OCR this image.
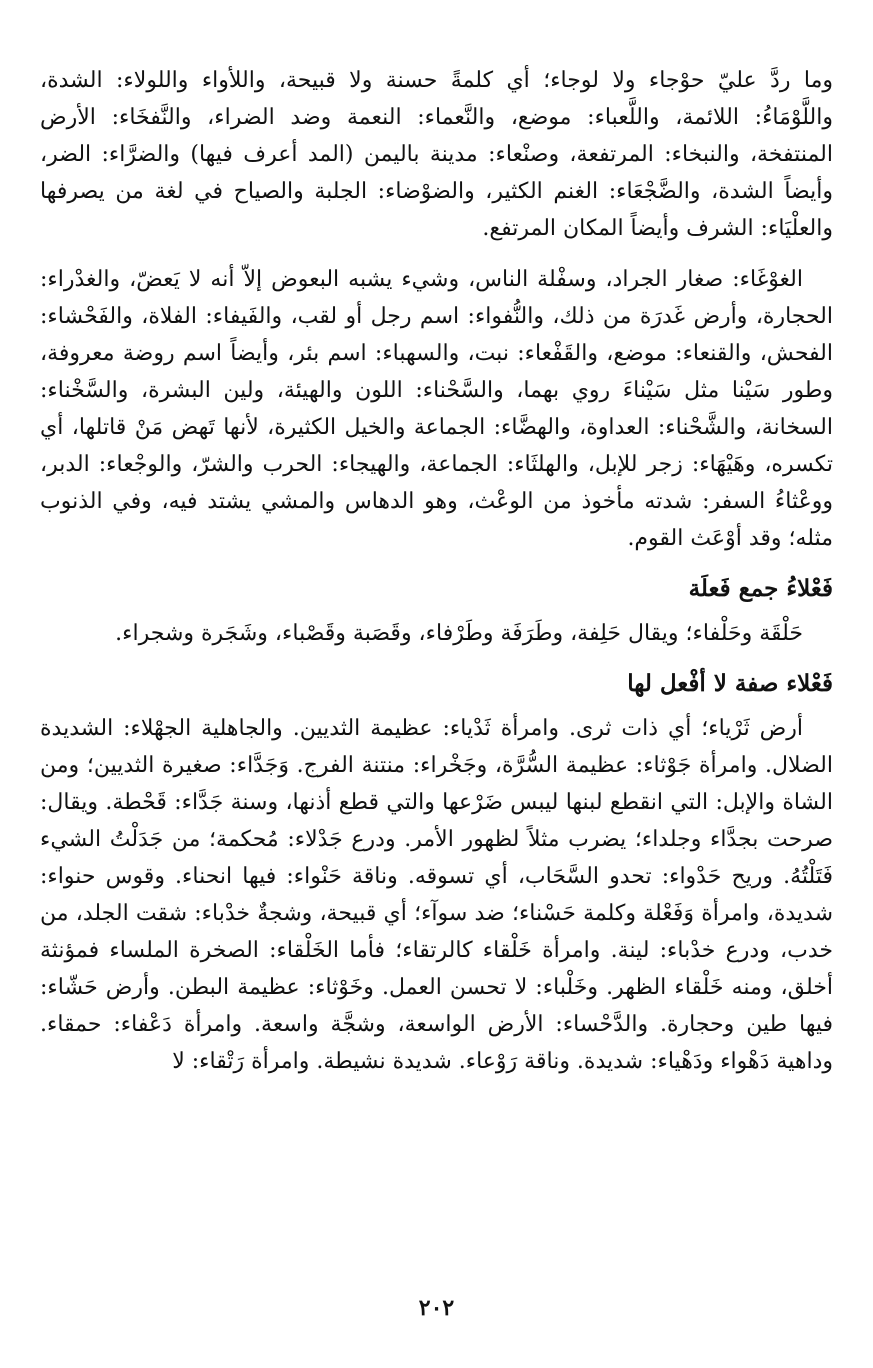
وما ردَّ عليّ حوْجاء ولا لوجاء؛ أي كلمةً حسنة ولا قبيحة، واللأواء واللولاء: الشدة، واللَّوْمَاءُ: اللائمة، واللَّعباء: موضع، والنَّعماء: النعمة وضد الضراء، والنَّفخَاء: الأرض المنتفخة، والنبخاء: المرتفعة، وصنْعاء: مدينة باليمن (المد أعرف فيها) والضرَّاء: الضر، وأيضاً الشدة، والضَّجْعَاء: الغنم الكثير، والضوْضاء: الجلبة والصياح في لغة من يصرفها والعلْيَاء: الشرف وأيضاً المكان المرتفع.

الغوْغَاء: صغار الجراد، وسفْلة الناس، وشيء يشبه البعوض إلاّ أنه لا يَعضّ، والغدْراء: الحجارة، وأرض غَدرَة من ذلك، والنُّفواء: اسم رجل أو لقب، والفَيفاء: الفلاة، والفَحْشاء: الفحش، والقنعاء: موضع، والقَفْعاء: نبت، والسهباء: اسم بئر، وأيضاً اسم روضة معروفة، وطور سَيْنا مثل سَيْناءَ روي بهما، والسَّحْناء: اللون والهيئة، ولين البشرة، والسَّخْناء: السخانة، والشَّحْناء: العداوة، والهضَّاء: الجماعة والخيل الكثيرة، لأنها تَهض مَنْ قاتلها، أي تكسره، وهَيْهَاء: زجر للإبل، والهلثَاء: الجماعة، والهيجاء: الحرب والشرّ، والوجْعاء: الدبر، ووعْثاءُ السفر: شدته مأخوذ من الوعْث، وهو الدهاس والمشي يشتد فيه، وفي الذنوب مثله؛ وقد أوْعَث القوم.

فَعْلاءُ جمع فَعلَة

حَلْقَة وحَلْفاء؛ ويقال حَلِفة، وطَرَفَة وطَرْفاء، وقَصَبة وقَصْباء، وشَجَرة وشجراء.

فَعْلاء صفة لا أفْعل لها

أرض ثَرْياء؛ أي ذات ثرى. وامرأة ثَدْياء: عظيمة الثديين. والجاهلية الجهْلاء: الشديدة الضلال. وامرأة جَوْثاء: عظيمة السُّرَّة، وجَخْراء: منتنة الفرج. وَجَدَّاء: صغيرة الثديين؛ ومن الشاة والإبل: التي انقطع لبنها ليبس ضَرْعها والتي قطع أذنها، وسنة جَدَّاء: قَحْطة. ويقال: صرحت بجدَّاء وجلداء؛ يضرب مثلاً لظهور الأمر. ودرع جَدْلاء: مُحكمة؛ من جَدَلْتُ الشيء فَتَلْتُهُ. وريح حَدْواء: تحدو السَّحَاب، أي تسوقه. وناقة حَنْواء: فيها انحناء. وقوس حنواء: شديدة، وامرأة وَفَعْلة وكلمة حَسْناء؛ ضد سوآء؛ أي قبيحة، وشجةٌ خدْباء: شقت الجلد، من خدب، ودرع خدْباء: لينة. وامرأة خَلْقاء كالرتقاء؛ فأما الخَلْقاء: الصخرة الملساء فمؤنثة أخلق، ومنه خَلْقاء الظهر. وخَلْباء: لا تحسن العمل. وخَوْثاء: عظيمة البطن. وأرض حَشّاء: فيها طين وحجارة. والدَّحْساء: الأرض الواسعة، وشجَّة واسعة. وامرأة دَعْفاء: حمقاء. وداهية دَهْواء ودَهْياء: شديدة. وناقة رَوْعاء. شديدة نشيطة. وامرأة رَتْقاء: لا

٢٠٢
